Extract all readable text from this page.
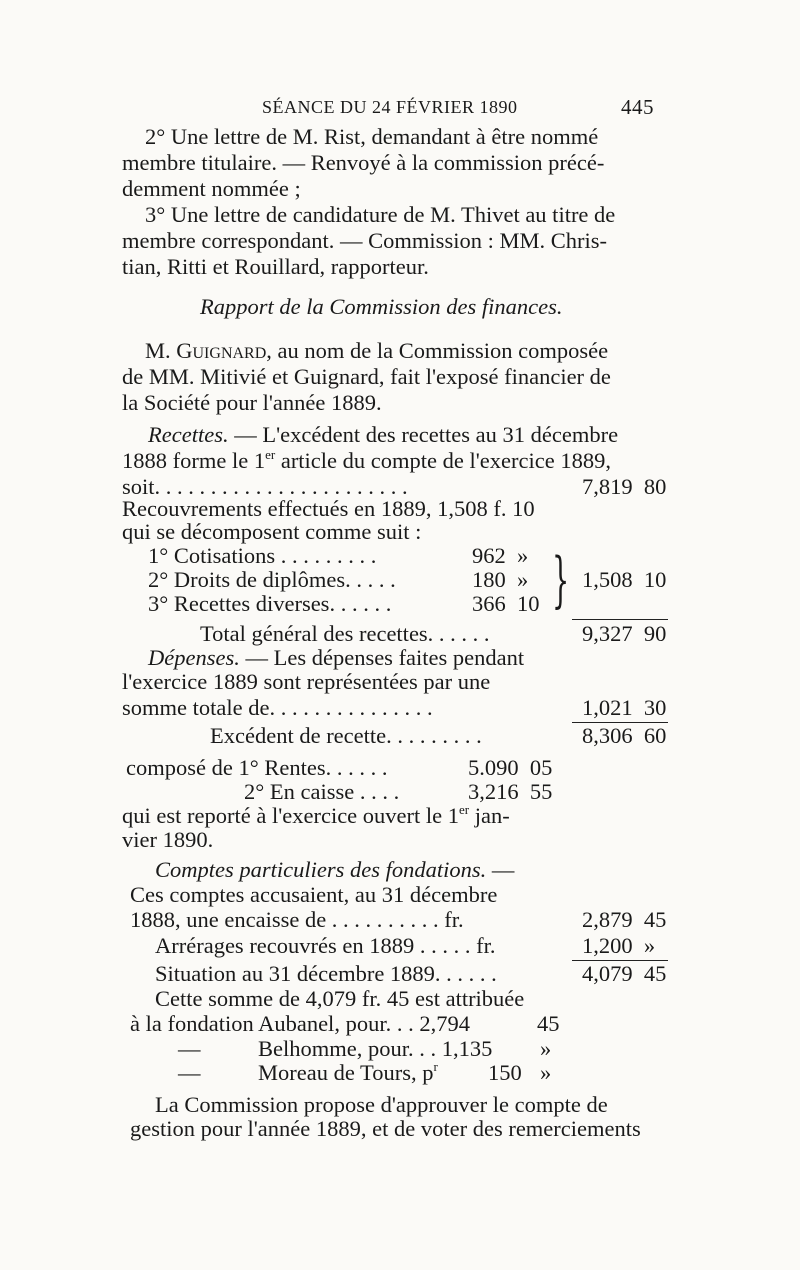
SÉANCE DU 24 FÉVRIER 1890	445
2° Une lettre de M. Rist, demandant à être nommé
membre titulaire. — Renvoyé à la commission précé-
demment nommée ;
3° Une lettre de candidature de M. Thivet au titre de
membre correspondant. — Commission : MM. Chris-
tian, Ritti et Rouillard, rapporteur.
Rapport de la Commission des finances.
M. Guignard, au nom de la Commission composée
de MM. Mitivié et Guignard, fait l'exposé financier de
la Société pour l'année 1889.
Recettes. — L'excédent des recettes au 31 décembre
1888 forme le 1er article du compte de l'exercice 1889,
soit. . . . . . . . . . . . . . . . . . . . . . .	7,819  80
Recouvrements effectués en 1889, 1,508 f. 10
qui se décomposent comme suit :
1° Cotisations . . . . . . . . .	962  »
2° Droits de diplômes. . . . .	180  »
3° Recettes diverses. . . . . .	366  10 } 1,508  10
Total général des recettes. . . . . .	9,327  90
Dépenses. — Les dépenses faites pendant
l'exercice 1889 sont représentées par une
somme totale de. . . . . . . . . . . . . . .	1,021  30
Excédent de recette. . . . . . . . .	8,306  60
composé de 1° Rentes. . . . . .	5.090  05
2° En caisse . . . .	3,216  55
qui est reporté à l'exercice ouvert le 1er jan-
vier 1890.
Comptes particuliers des fondations. —
Ces comptes accusaient, au 31 décembre
1888, une encaisse de . . . . . . . . . . fr.	2,879  45
Arrérages recouvrés en 1889 . . . . . fr.	1,200  »
Situation au 31 décembre 1889. . . . . .	4,079  45
Cette somme de 4,079 fr. 45 est attribuée
à la fondation Aubanel, pour. . . 2,794	45
—	Belhomme, pour. . . 1,135 »
—	Moreau de Tours, $p^r$ 150 »
La Commission propose d'approuver le compte de
gestion pour l'année 1889, et de voter des remerciements
